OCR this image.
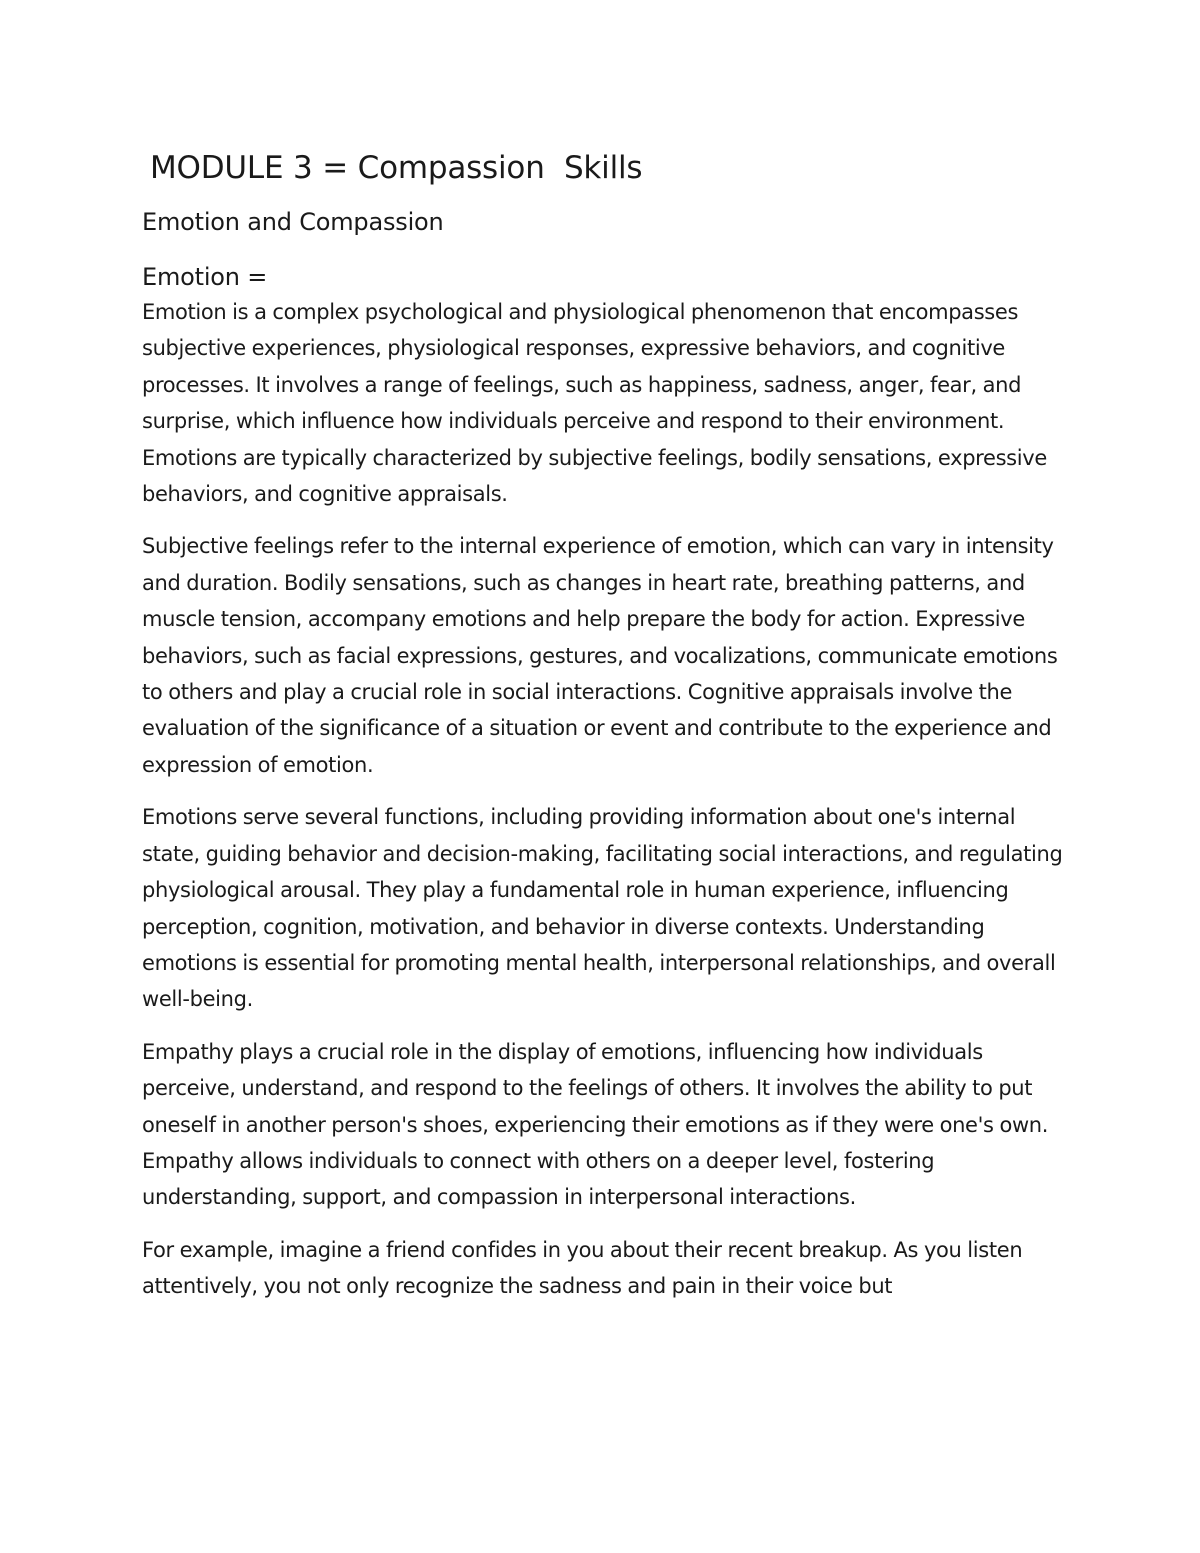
MODULE 3 = Compassion  Skills
Emotion and Compassion
Emotion =

Emotion is a complex psychological and physiological phenomenon that encompasses subjective experiences, physiological responses, expressive behaviors, and cognitive processes. It involves a range of feelings, such as happiness, sadness, anger, fear, and surprise, which influence how individuals perceive and respond to their environment. Emotions are typically characterized by subjective feelings, bodily sensations, expressive behaviors, and cognitive appraisals.

Subjective feelings refer to the internal experience of emotion, which can vary in intensity and duration. Bodily sensations, such as changes in heart rate, breathing patterns, and muscle tension, accompany emotions and help prepare the body for action. Expressive behaviors, such as facial expressions, gestures, and vocalizations, communicate emotions to others and play a crucial role in social interactions. Cognitive appraisals involve the evaluation of the significance of a situation or event and contribute to the experience and expression of emotion.

Emotions serve several functions, including providing information about one's internal state, guiding behavior and decision-making, facilitating social interactions, and regulating physiological arousal. They play a fundamental role in human experience, influencing perception, cognition, motivation, and behavior in diverse contexts. Understanding emotions is essential for promoting mental health, interpersonal relationships, and overall well-being.

Empathy plays a crucial role in the display of emotions, influencing how individuals perceive, understand, and respond to the feelings of others. It involves the ability to put oneself in another person's shoes, experiencing their emotions as if they were one's own. Empathy allows individuals to connect with others on a deeper level, fostering understanding, support, and compassion in interpersonal interactions.

For example, imagine a friend confides in you about their recent breakup. As you listen attentively, you not only recognize the sadness and pain in their voice but
